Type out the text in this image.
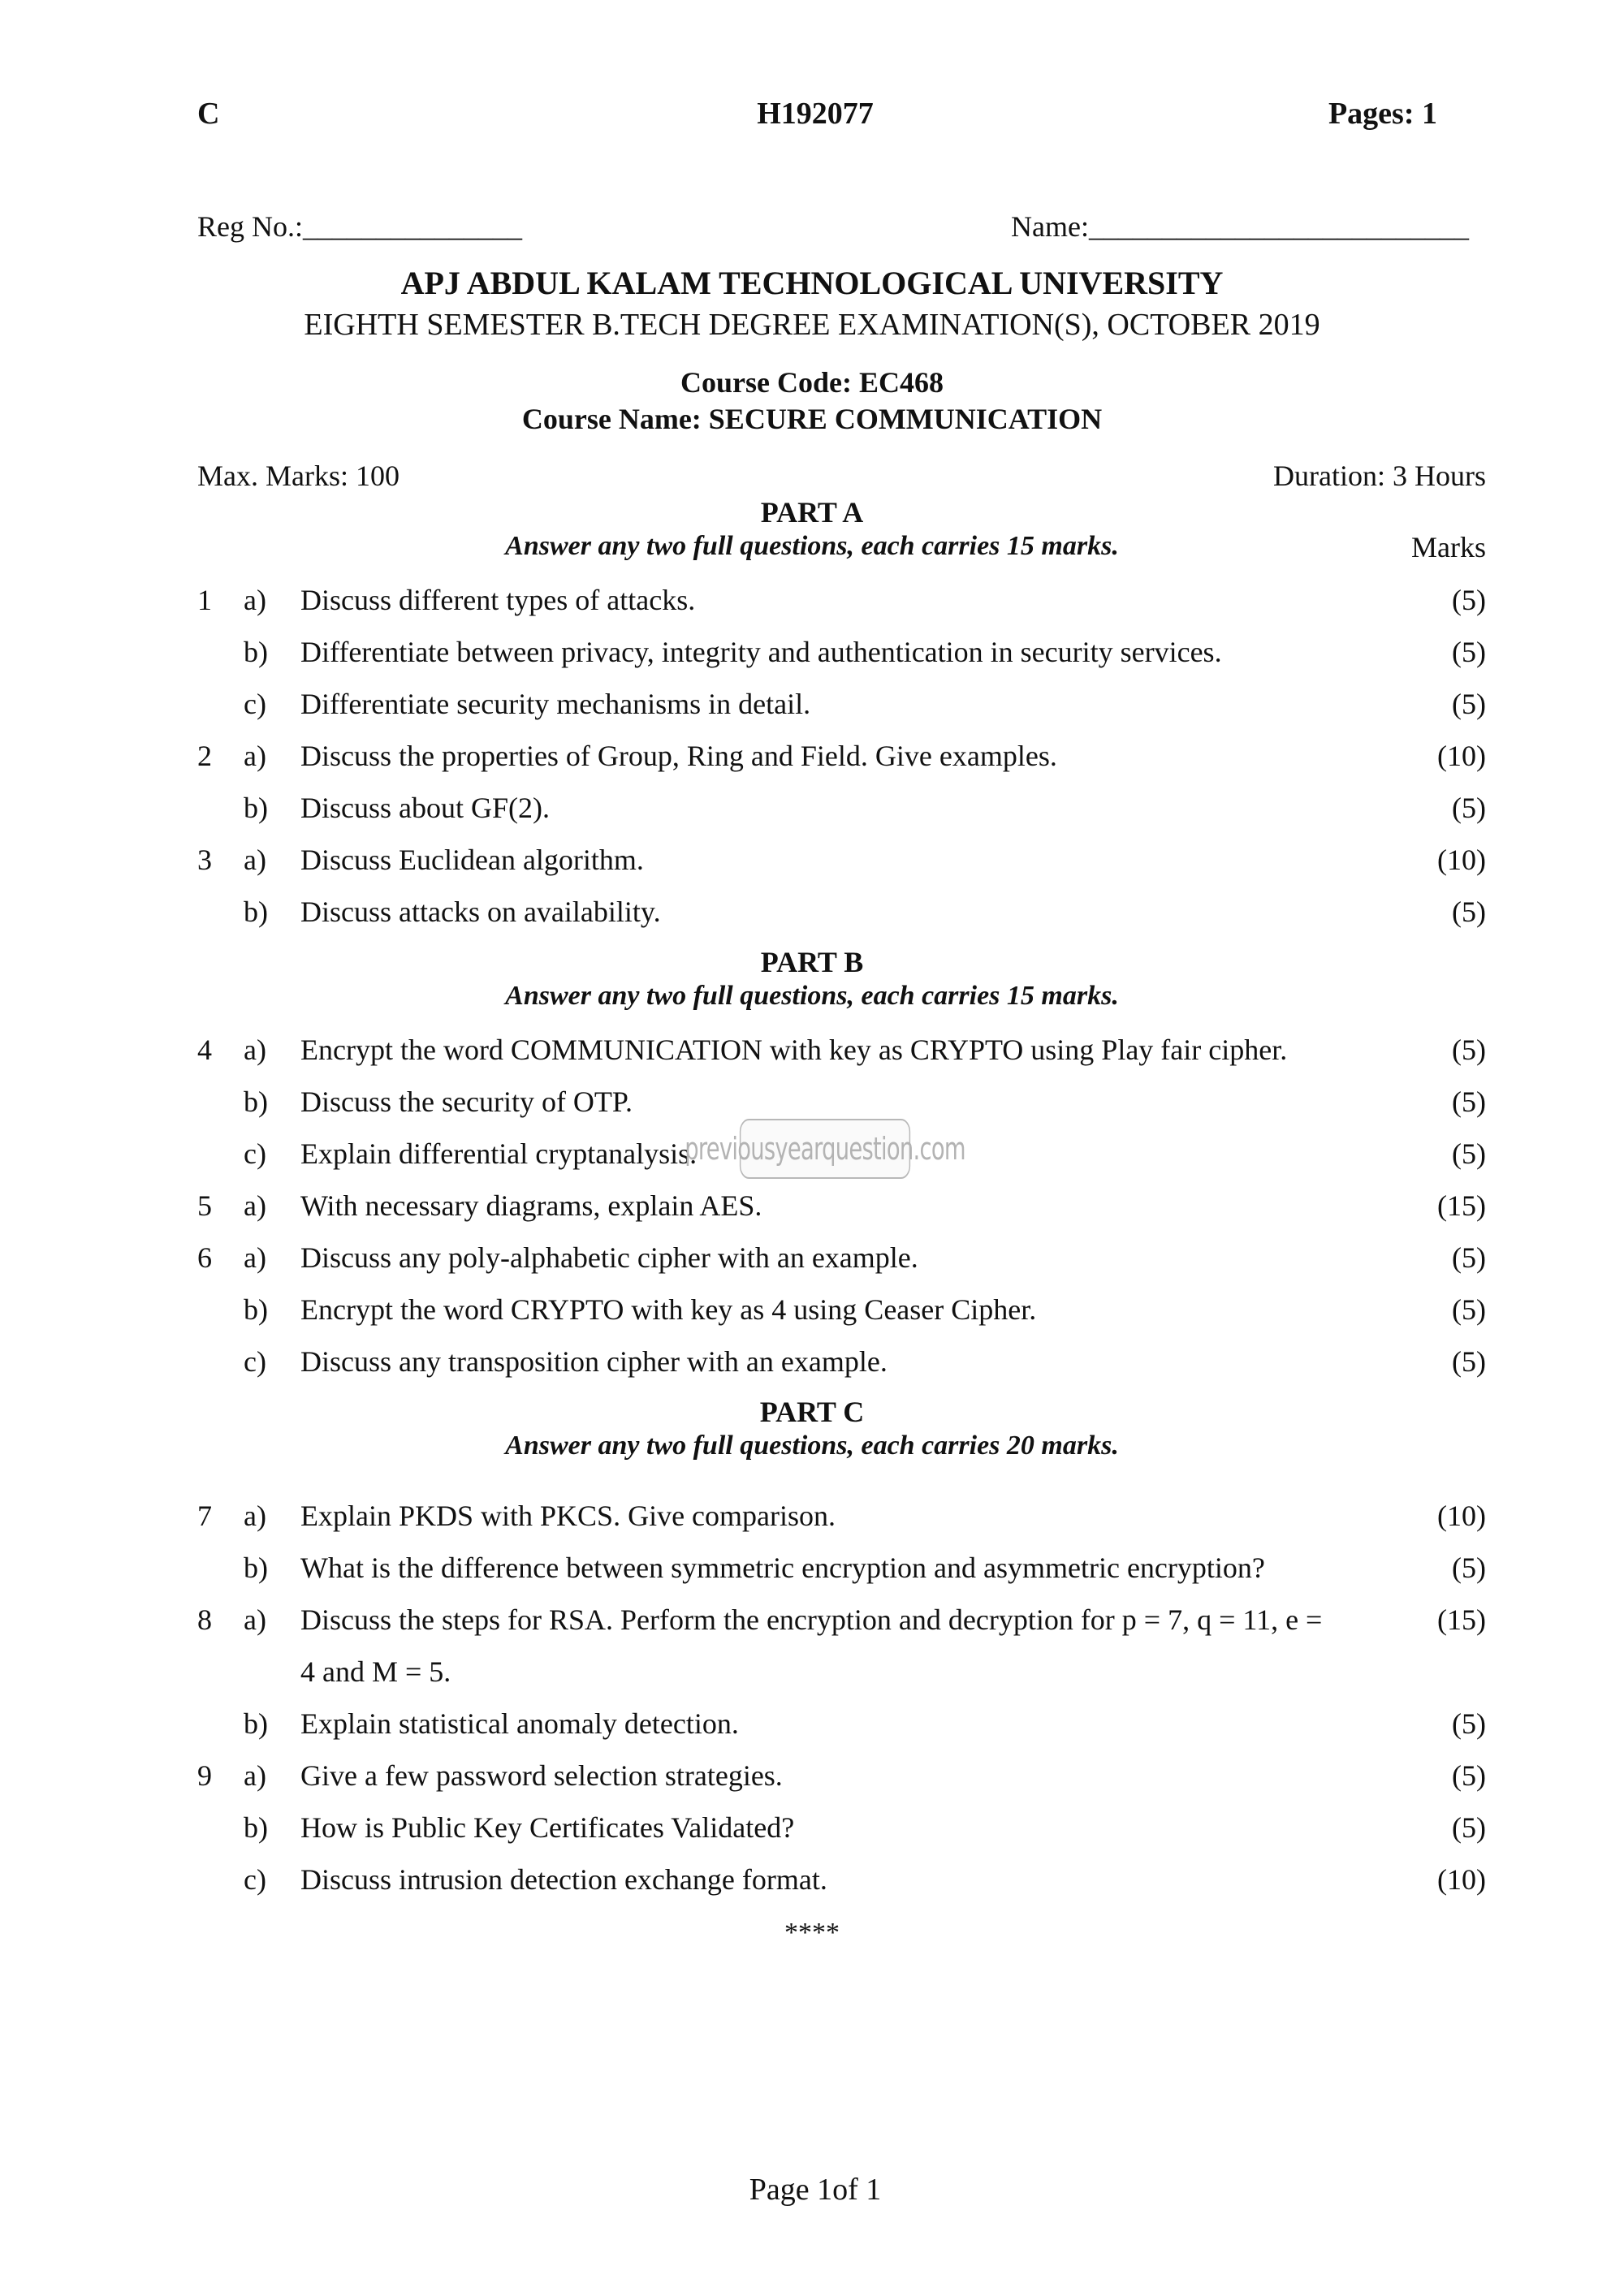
C	H192077	Pages: 1
Reg No.:_______________	Name:__________________________
APJ ABDUL KALAM TECHNOLOGICAL UNIVERSITY
EIGHTH SEMESTER B.TECH DEGREE EXAMINATION(S), OCTOBER 2019
Course Code: EC468
Course Name: SECURE COMMUNICATION
Max. Marks: 100	Duration: 3 Hours
PART A
Answer any two full questions, each carries 15 marks.	Marks
1 a) Discuss different types of attacks.	(5)
b) Differentiate between privacy, integrity and authentication in security services.	(5)
c) Differentiate security mechanisms in detail.	(5)
2 a) Discuss the properties of Group, Ring and Field. Give examples.	(10)
b) Discuss about GF(2).	(5)
3 a) Discuss Euclidean algorithm.	(10)
b) Discuss attacks on availability.	(5)
PART B
Answer any two full questions, each carries 15 marks.
4 a) Encrypt the word COMMUNICATION with key as CRYPTO using Play fair cipher.	(5)
b) Discuss the security of OTP.	(5)
c) Explain differential cryptanalysis.	(5)
5 a) With necessary diagrams, explain AES.	(15)
6 a) Discuss any poly-alphabetic cipher with an example.	(5)
b) Encrypt the word CRYPTO with key as 4 using Ceaser Cipher.	(5)
c) Discuss any transposition cipher with an example.	(5)
PART C
Answer any two full questions, each carries 20 marks.
7 a) Explain PKDS with PKCS. Give comparison.	(10)
b) What is the difference between symmetric encryption and asymmetric encryption?	(5)
8 a) Discuss the steps for RSA. Perform the encryption and decryption for p = 7, q = 11, e =	(15)
4 and M = 5.
b) Explain statistical anomaly detection.	(5)
9 a) Give a few password selection strategies.	(5)
b) How is Public Key Certificates Validated?	(5)
c) Discuss intrusion detection exchange format.	(10)
****
previousyearquestion.com
Page 1of 1
